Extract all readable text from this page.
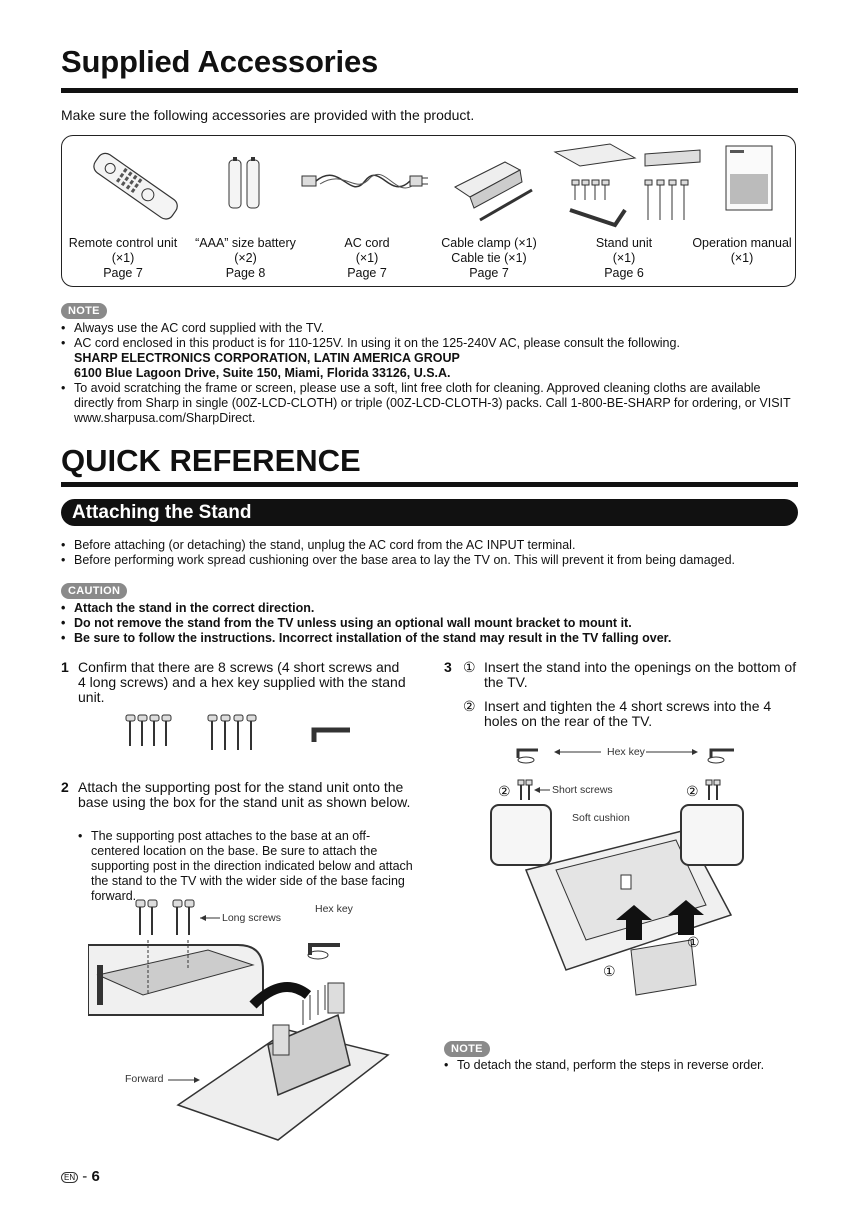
Supplied Accessories
Make sure the following accessories are provided with the product.
Remote control unit
(×1)
Page 7
“AAA” size battery
(×2)
Page 8
AC cord
(×1)
Page 7
Cable clamp (×1)
Cable tie (×1)
Page 7
Stand unit
(×1)
Page 6
Operation manual
(×1)
NOTE
• Always use the AC cord supplied with the TV.
• AC cord enclosed in this product is for 110-125V. In using it on the 125-240V AC, please consult the following.
SHARP ELECTRONICS CORPORATION, LATIN AMERICA GROUP
6100 Blue Lagoon Drive, Suite 150, Miami, Florida 33126, U.S.A.
• To avoid scratching the frame or screen, please use a soft, lint free cloth for cleaning. Approved cleaning cloths are available directly from Sharp in single (00Z-LCD-CLOTH) or triple (00Z-LCD-CLOTH-3) packs. Call 1-800-BE-SHARP for ordering, or VISIT www.sharpusa.com/SharpDirect.
QUICK REFERENCE
Attaching the Stand
• Before attaching (or detaching) the stand, unplug the AC cord from the AC INPUT terminal.
• Before performing work spread cushioning over the base area to lay the TV on. This will prevent it from being damaged.
CAUTION
• Attach the stand in the correct direction.
• Do not remove the stand from the TV unless using an optional wall mount bracket to mount it.
• Be sure to follow the instructions. Incorrect installation of the stand may result in the TV falling over.
1 Confirm that there are 8 screws (4 short screws and 4 long screws) and a hex key supplied with the stand unit.
2 Attach the supporting post for the stand unit onto the base using the box for the stand unit as shown below.
• The supporting post attaches to the base at an off-centered location on the base. Be sure to attach the supporting post in the direction indicated below and attach the stand to the TV with the wider side of the base facing forward.
Long screws
Hex key
Forward
3 ① Insert the stand into the openings on the bottom of the TV.
② Insert and tighten the 4 short screws into the 4 holes on the rear of the TV.
Hex key
Short screws
Soft cushion
②	②
①
①
NOTE
• To detach the stand, perform the steps in reverse order.
EN - 6
